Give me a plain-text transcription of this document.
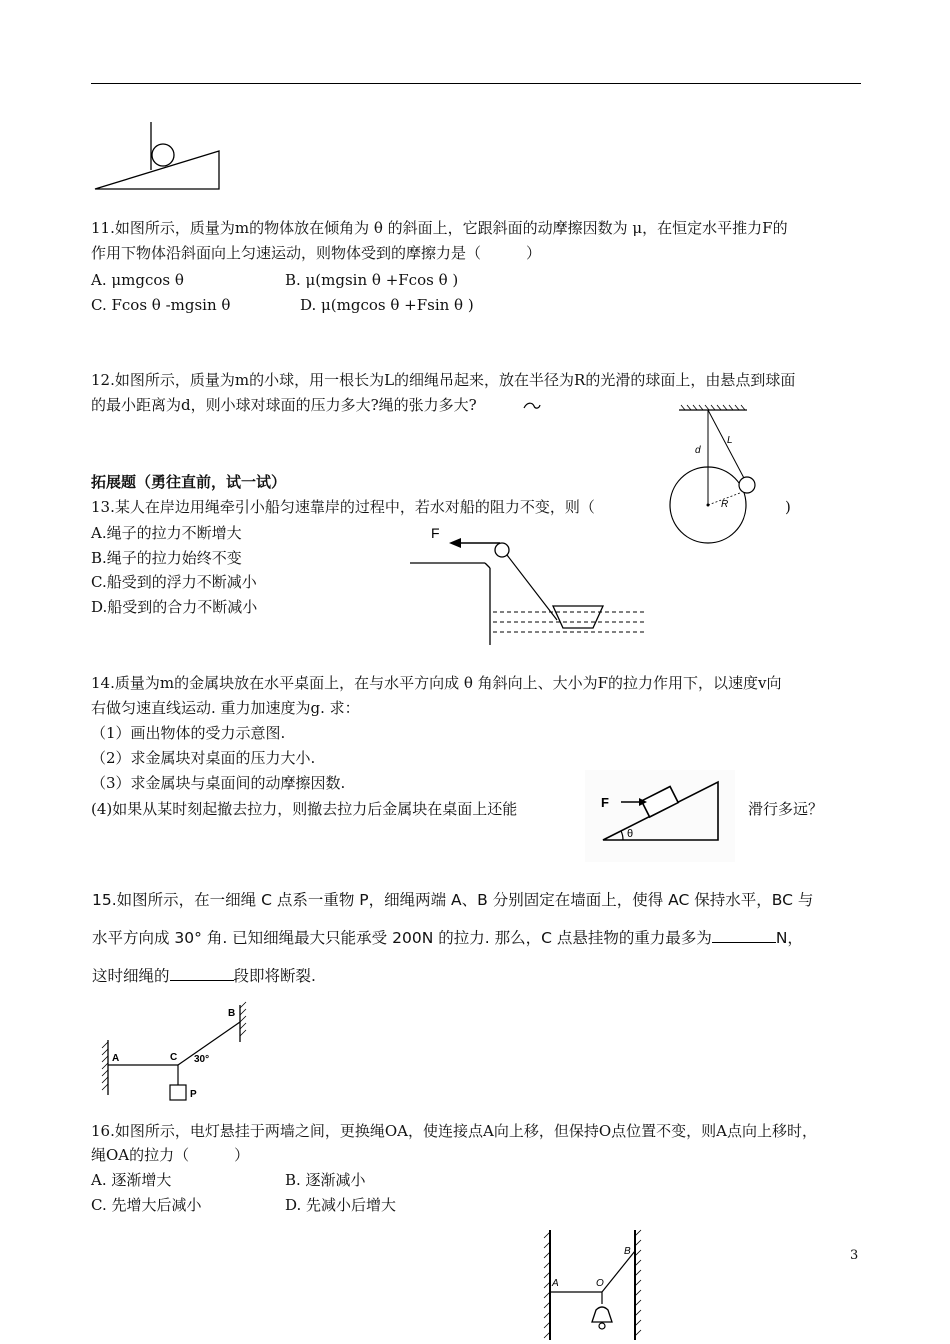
11.如图所示，质量为m的物体放在倾角为 θ 的斜面上，它跟斜面的动摩擦因数为 μ，在恒定水平推力F的
作用下物体沿斜面向上匀速运动，则物体受到的摩擦力是（　　　）
A. μmgcos θ	B. μ(mgsin θ +Fcos θ )
C. Fcos θ -mgsin θ	D. μ(mgcos θ +Fsin θ )
12.如图所示，质量为m的小球，用一根长为L的细绳吊起来，放在半径为R的光滑的球面上，由悬点到球面
的最小距离为d，则小球对球面的压力多大?绳的张力多大?
d
L
R
拓展题（勇往直前，试一试）
13.某人在岸边用绳牵引小船匀速靠岸的过程中，若水对船的阻力不变，则（	)
A.绳子的拉力不断增大
B.绳子的拉力始终不变
C.船受到的浮力不断减小
D.船受到的合力不断减小
F
14.质量为m的金属块放在水平桌面上，在与水平方向成 θ 角斜向上、大小为F的拉力作用下，以速度v向
右做匀速直线运动. 重力加速度为g. 求：
（1）画出物体的受力示意图.
（2）求金属块对桌面的压力大小.
（3）求金属块与桌面间的动摩擦因数.
(4)如果从某时刻起撤去拉力，则撤去拉力后金属块在桌面上还能	滑行多远？
F
θ
15.如图所示，在一细绳 C 点系一重物 P，细绳两端 A、B 分别固定在墙面上，使得 AC 保持水平，BC 与
水平方向成 30° 角. 已知细绳最大只能承受 200N 的拉力. 那么，C 点悬挂物的重力最多为	N，
这时细绳的	段即将断裂.
A
B
C 30°
P
16.如图所示，电灯悬挂于两墙之间，更换绳OA，使连接点A向上移，但保持O点位置不变，则A点向上移时，
绳OA的拉力（　　　）
A. 逐渐增大	B. 逐渐减小
C. 先增大后减小	D. 先减小后增大
A	O
B	3
